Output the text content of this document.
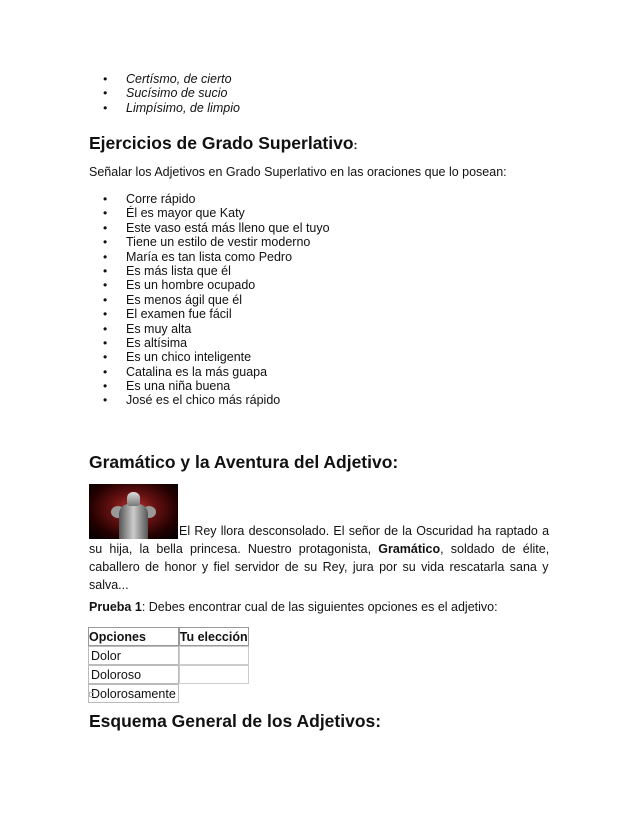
• Certísmo, de cierto
• Sucísimo de sucio
• Limpísimo, de limpio
Ejercicios de Grado Superlativo:

Señalar los Adjetivos en Grado Superlativo en las oraciones que lo posean:

• Corre rápido
• Él es mayor que Katy
• Este vaso está más lleno que el tuyo
• Tiene un estilo de vestir moderno
• María es tan lista como Pedro
• Es más lista que él
• Es un hombre ocupado
• Es menos ágil que él
• El examen fue fácil
• Es muy alta
• Es altísima
• Es un chico inteligente
• Catalina es la más guapa
• Es una niña buena
• José es el chico más rápido
Gramático y la Aventura del Adjetivo:
El Rey llora desconsolado. El señor de la Oscuridad ha raptado a
su hija, la bella princesa. Nuestro protagonista, Gramático, soldado de élite,
caballero de honor y fiel servidor de su Rey, jura por su vida rescatarla sana y
salva...

Prueba 1: Debes encontrar cual de las siguientes opciones es el adjetivo:

Opciones	Tu elección
Dolor	
Doloroso	
Dolorosamente	
Esquema General de los Adjetivos:
